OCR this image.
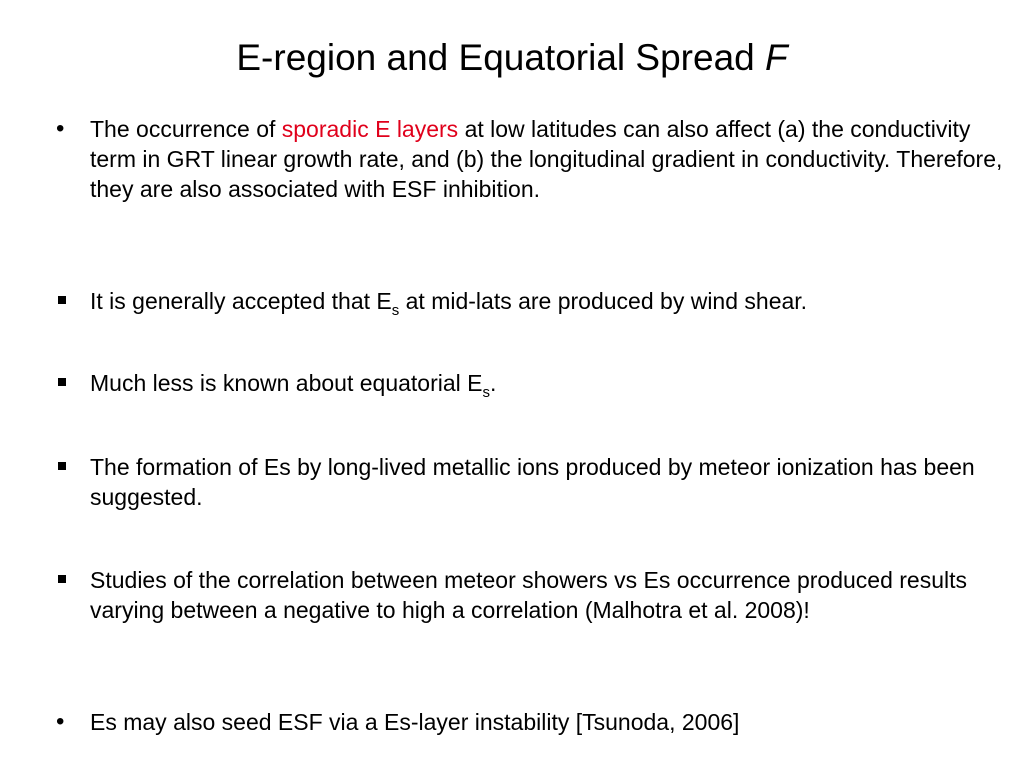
E-region and Equatorial Spread F
•	The occurrence of sporadic E layers at low latitudes can also affect (a) the conductivity term in GRT linear growth rate, and (b) the longitudinal gradient in conductivity. Therefore, they are also associated with ESF inhibition.
It is generally accepted that $E_s$ at mid-lats are produced by wind shear.
Much less is known about equatorial $E_s$.
The formation of Es by long-lived metallic ions produced by meteor ionization has been suggested.
Studies of the correlation between meteor showers vs Es occurrence produced results varying between a negative to high a correlation (Malhotra et al. 2008)!
•	Es may also seed ESF via a Es-layer instability [Tsunoda, 2006]
